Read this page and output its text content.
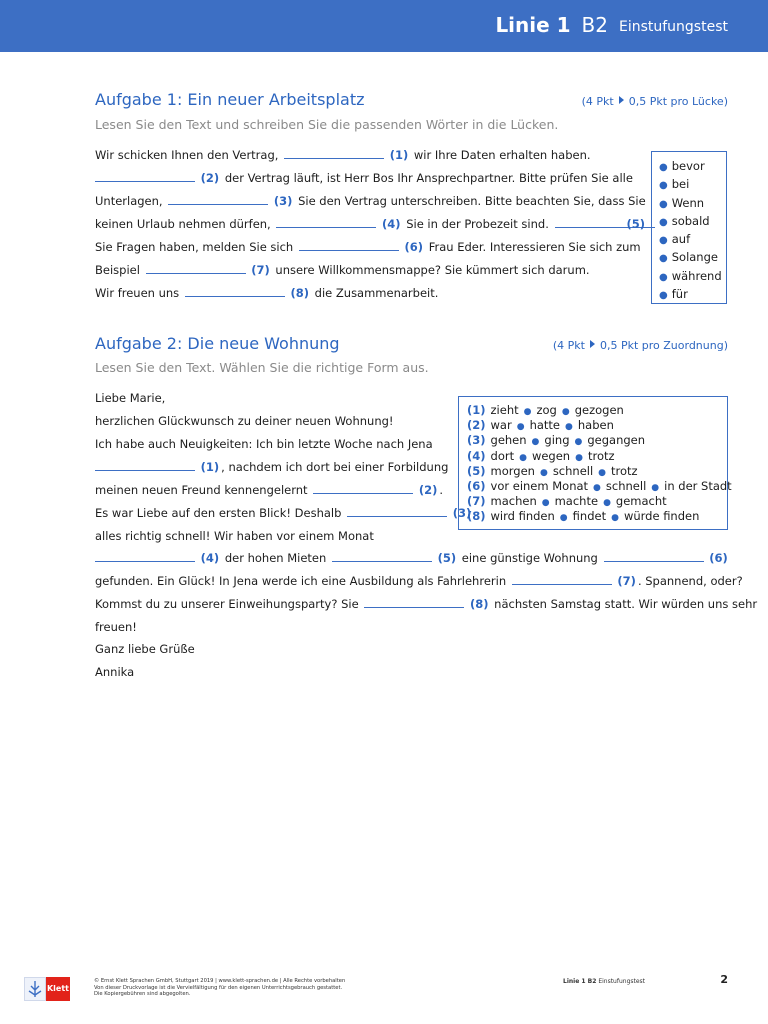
Linie 1 B2 Einstufungstest
Aufgabe 1: Ein neuer Arbeitsplatz	(4 Pkt 0,5 Pkt pro Lücke)
Lesen Sie den Text und schreiben Sie die passenden Wörter in die Lücken.
Wir schicken Ihnen den Vertrag,	(1) wir Ihre Daten erhalten haben.
(2) der Vertrag läuft, ist Herr Bos Ihr Ansprechpartner. Bitte prüfen Sie alle
Unterlagen,	(3) Sie den Vertrag unterschreiben. Bitte beachten Sie, dass Sie
keinen Urlaub nehmen dürfen,	(4) Sie in der Probezeit sind.	(5)
Sie Fragen haben, melden Sie sich	(6) Frau Eder. Interessieren Sie sich zum
Beispiel	(7) unsere Willkommensmappe? Sie kümmert sich darum.
Wir freuen uns	(8) die Zusammenarbeit.
● bevor
● bei
● Wenn
● sobald
● auf
● Solange
● während
● für
Aufgabe 2: Die neue Wohnung	(4 Pkt 0,5 Pkt pro Zuordnung)
Lesen Sie den Text. Wählen Sie die richtige Form aus.
Liebe Marie,
herzlichen Glückwunsch zu deiner neuen Wohnung!
Ich habe auch Neuigkeiten: Ich bin letzte Woche nach Jena
(1) , nachdem ich dort bei einer Forbildung
meinen neuen Freund kennengelernt	(2) .
Es war Liebe auf den ersten Blick! Deshalb	(3)
alles richtig schnell! Wir haben vor einem Monat
(4) der hohen Mieten	(5) eine günstige Wohnung	(6)
gefunden. Ein Glück! In Jena werde ich eine Ausbildung als Fahrlehrerin	(7) . Spannend, oder?
Kommst du zu unserer Einweihungsparty? Sie	(8) nächsten Samstag statt. Wir würden uns sehr
freuen!
Ganz liebe Grüße
Annika
(1) zieht ● zog ● gezogen
(2) war ● hatte ● haben
(3) gehen ● ging ● gegangen
(4) dort ● wegen ● trotz
(5) morgen ● schnell ● trotz
(6) vor einem Monat ● schnell ● in der Stadt
(7) machen ● machte ● gemacht
(8) wird finden ● findet ● würde finden
Klett
© Ernst Klett Sprachen GmbH, Stuttgart 2019 | www.klett-sprachen.de | Alle Rechte vorbehalten
Von dieser Druckvorlage ist die Vervielfältigung für den eigenen Unterrichtsgebrauch gestattet.
Die Kopiergebühren sind abgegolten.
Linie 1 B2 Einstufungstest	2
